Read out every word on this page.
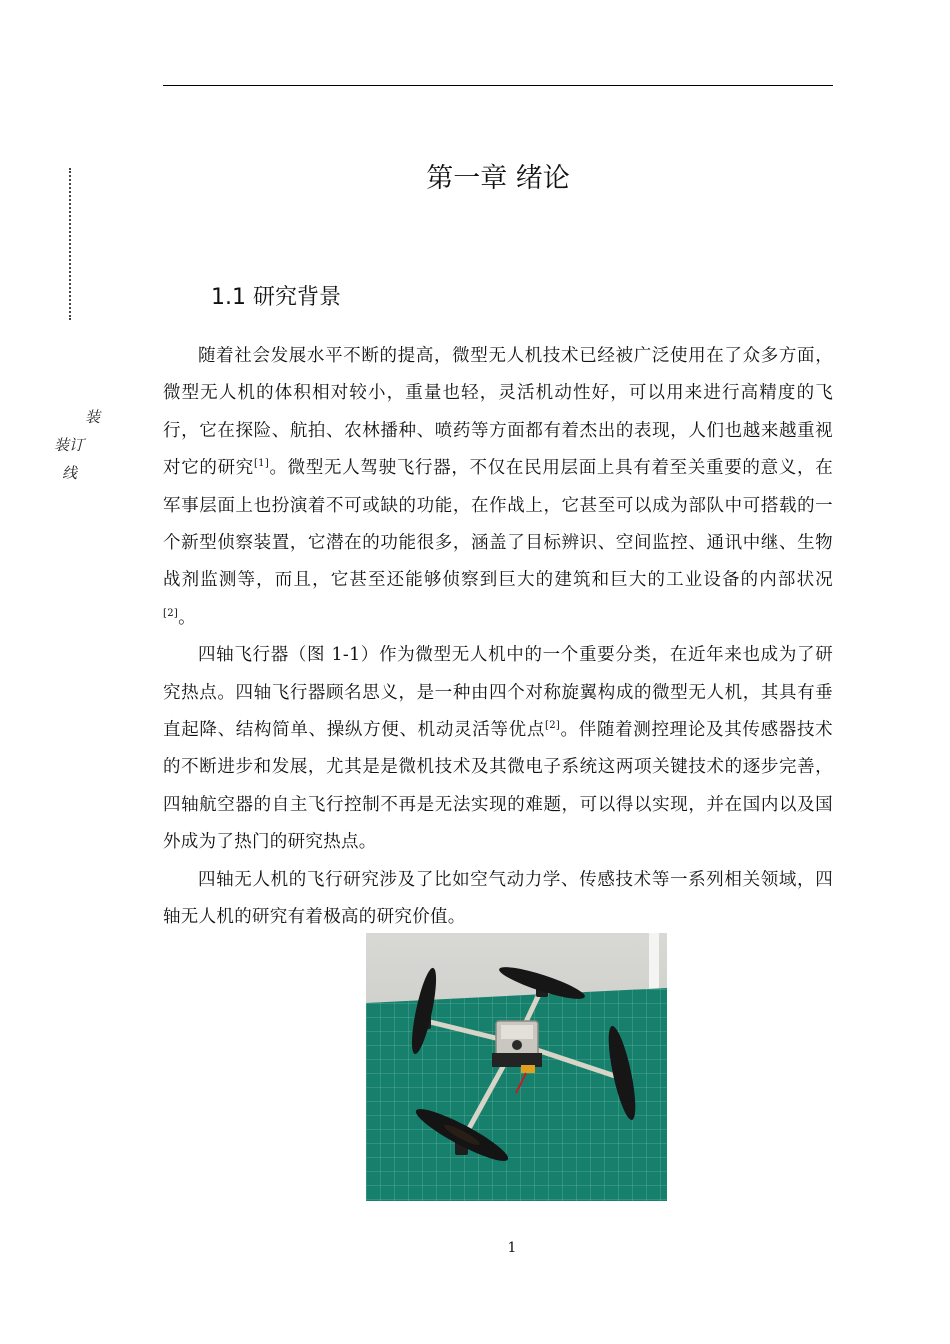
装
装订
线
第一章 绪论
1.1 研究背景

随着社会发展水平不断的提高，微型无人机技术已经被广泛使用在了众多方面，微型无人机的体积相对较小，重量也轻，灵活机动性好，可以用来进行高精度的飞行，它在探险、航拍、农林播种、喷药等方面都有着杰出的表现，人们也越来越重视对它的研究[1]。微型无人驾驶飞行器，不仅在民用层面上具有着至关重要的意义，在军事层面上也扮演着不可或缺的功能，在作战上，它甚至可以成为部队中可搭载的一个新型侦察装置，它潜在的功能很多，涵盖了目标辨识、空间监控、通讯中继、生物战剂监测等，而且，它甚至还能够侦察到巨大的建筑和巨大的工业设备的内部状况[2]。

四轴飞行器（图 1-1）作为微型无人机中的一个重要分类，在近年来也成为了研究热点。四轴飞行器顾名思义，是一种由四个对称旋翼构成的微型无人机，其具有垂直起降、结构简单、操纵方便、机动灵活等优点[2]。伴随着测控理论及其传感器技术的不断进步和发展，尤其是是微机技术及其微电子系统这两项关键技术的逐步完善，四轴航空器的自主飞行控制不再是无法实现的难题，可以得以实现，并在国内以及国外成为了热门的研究热点。

四轴无人机的飞行研究涉及了比如空气动力学、传感技术等一系列相关领域，四轴无人机的研究有着极高的研究价值。

1
